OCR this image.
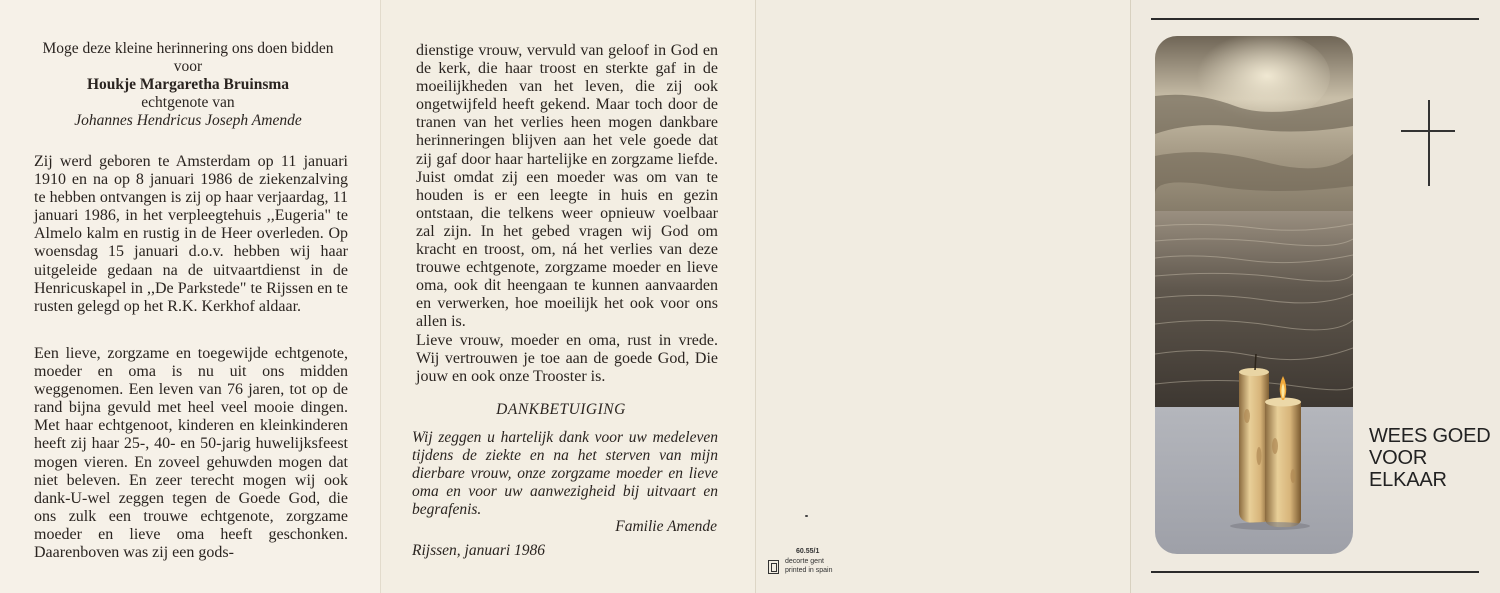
Moge deze kleine herinnering ons doen bidden voor
Houkje Margaretha Bruinsma
echtgenote van
Johannes Hendricus Joseph Amende

Zij werd geboren te Amsterdam op 11 januari 1910 en na op 8 januari 1986 de ziekenzalving te hebben ontvangen is zij op haar verjaardag, 11 januari 1986, in het verpleegtehuis ,,Eugeria" te Almelo kalm en rustig in de Heer overleden. Op woensdag 15 januari d.o.v. hebben wij haar uitgeleide gedaan na de uitvaartdienst in de Henricuskapel in ,,De Parkstede" te Rijssen en te rusten gelegd op het R.K. Kerkhof aldaar.

Een lieve, zorgzame en toegewijde echtgenote, moeder en oma is nu uit ons midden weggenomen. Een leven van 76 jaren, tot op de rand bijna gevuld met heel veel mooie dingen. Met haar echtgenoot, kinderen en kleinkinderen heeft zij haar 25-, 40- en 50-jarig huwelijksfeest mogen vieren. En zoveel gehuwden mogen dat niet beleven. En zeer terecht mogen wij ook dank-U-wel zeggen tegen de Goede God, die ons zulk een trouwe echtgenote, zorgzame moeder en lieve oma heeft geschonken. Daarenboven was zij een gods-

dienstige vrouw, vervuld van geloof in God en de kerk, die haar troost en sterkte gaf in de moeilijkheden van het leven, die zij ook ongetwijfeld heeft gekend. Maar toch door de tranen van het verlies heen mogen dankbare herinneringen blijven aan het vele goede dat zij gaf door haar hartelijke en zorgzame liefde. Juist omdat zij een moeder was om van te houden is er een leegte in huis en gezin ontstaan, die telkens weer opnieuw voelbaar zal zijn. In het gebed vragen wij God om kracht en troost, om, ná het verlies van deze trouwe echtgenote, zorgzame moeder en lieve oma, ook dit heengaan te kunnen aanvaarden en verwerken, hoe moeilijk het ook voor ons allen is.
Lieve vrouw, moeder en oma, rust in vrede. Wij vertrouwen je toe aan de goede God, Die jouw en ook onze Trooster is.

DANKBETUIGING

Wij zeggen u hartelijk dank voor uw medeleven tijdens de ziekte en na het sterven van mijn dierbare vrouw, onze zorgzame moeder en lieve oma en voor uw aanwezigheid bij uitvaart en begrafenis.

Familie Amende
Rijssen, januari 1986	60.55/1
decorte gent
printed in spain
WEES GOED
VOOR
ELKAAR
